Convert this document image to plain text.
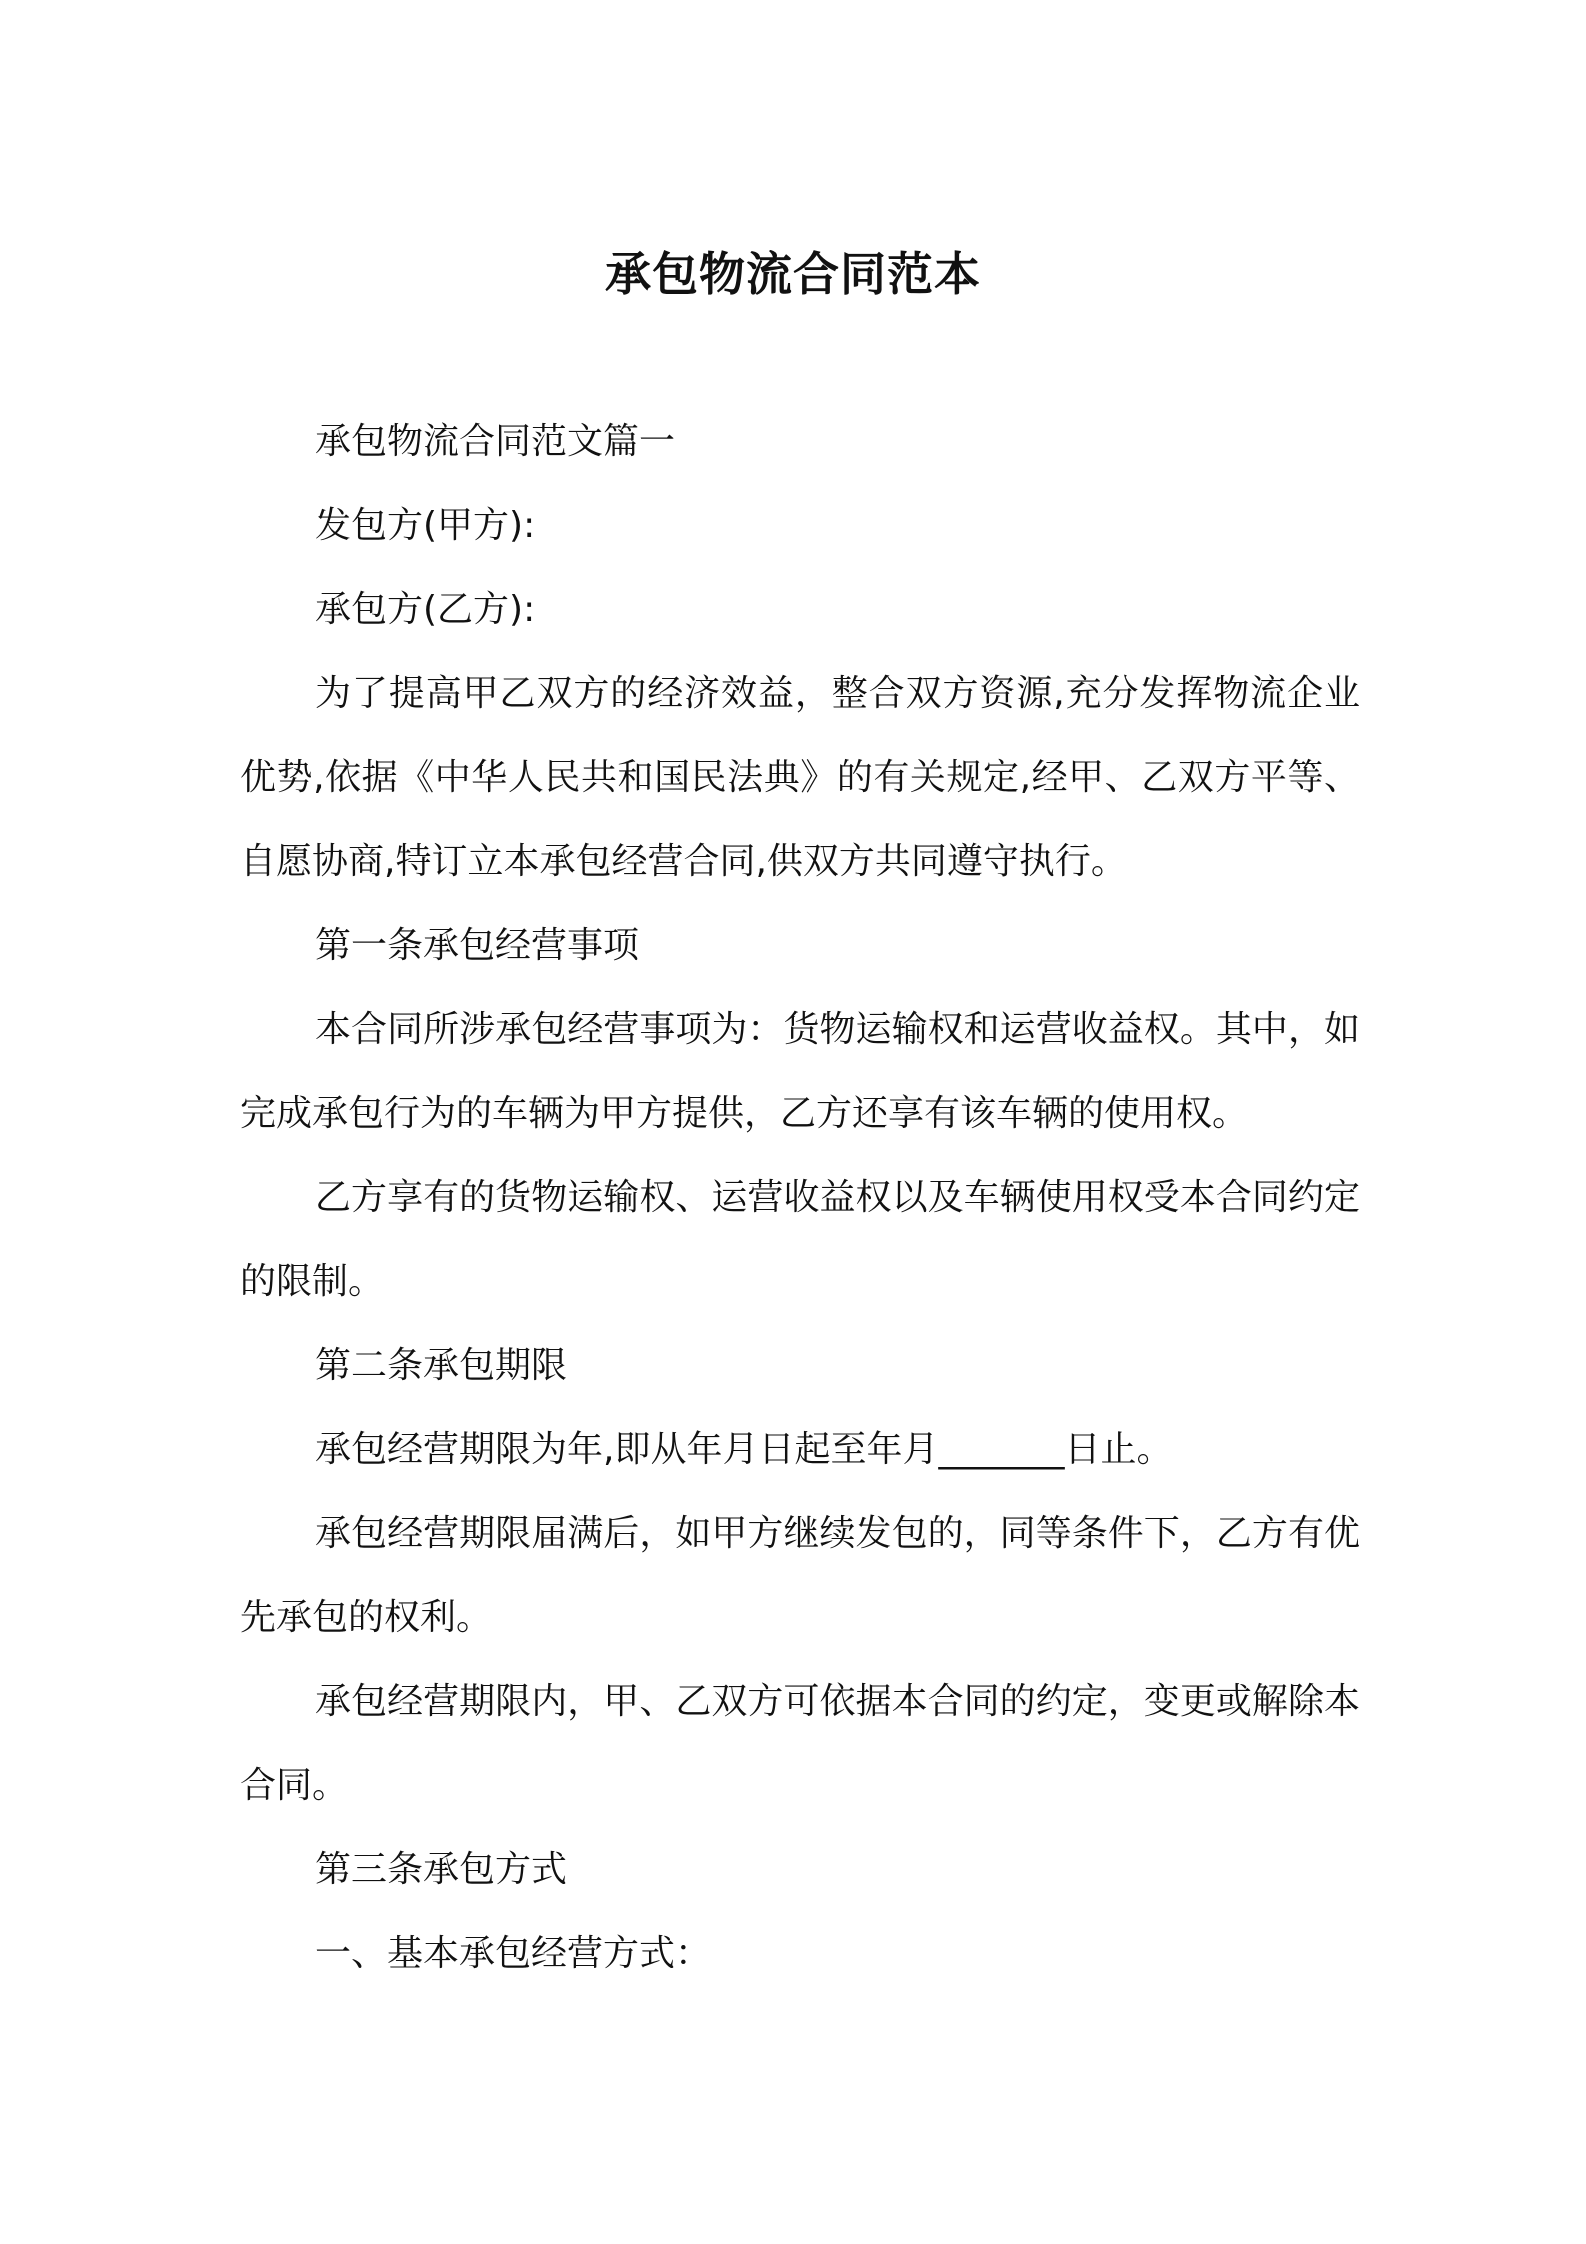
承包物流合同范本

承包物流合同范文篇一

发包方(甲方):

承包方(乙方):

为了提高甲乙双方的经济效益，整合双方资源,充分发挥物流企业优势,依据《中华人民共和国民法典》的有关规定,经甲、乙双方平等、自愿协商,特订立本承包经营合同,供双方共同遵守执行。

第一条承包经营事项

本合同所涉承包经营事项为：货物运输权和运营收益权。其中，如完成承包行为的车辆为甲方提供，乙方还享有该车辆的使用权。

乙方享有的货物运输权、运营收益权以及车辆使用权受本合同约定的限制。

第二条承包期限

承包经营期限为年,即从年月日起至年月_______日止。

承包经营期限届满后，如甲方继续发包的，同等条件下，乙方有优先承包的权利。

承包经营期限内，甲、乙双方可依据本合同的约定，变更或解除本合同。

第三条承包方式

一、基本承包经营方式：
